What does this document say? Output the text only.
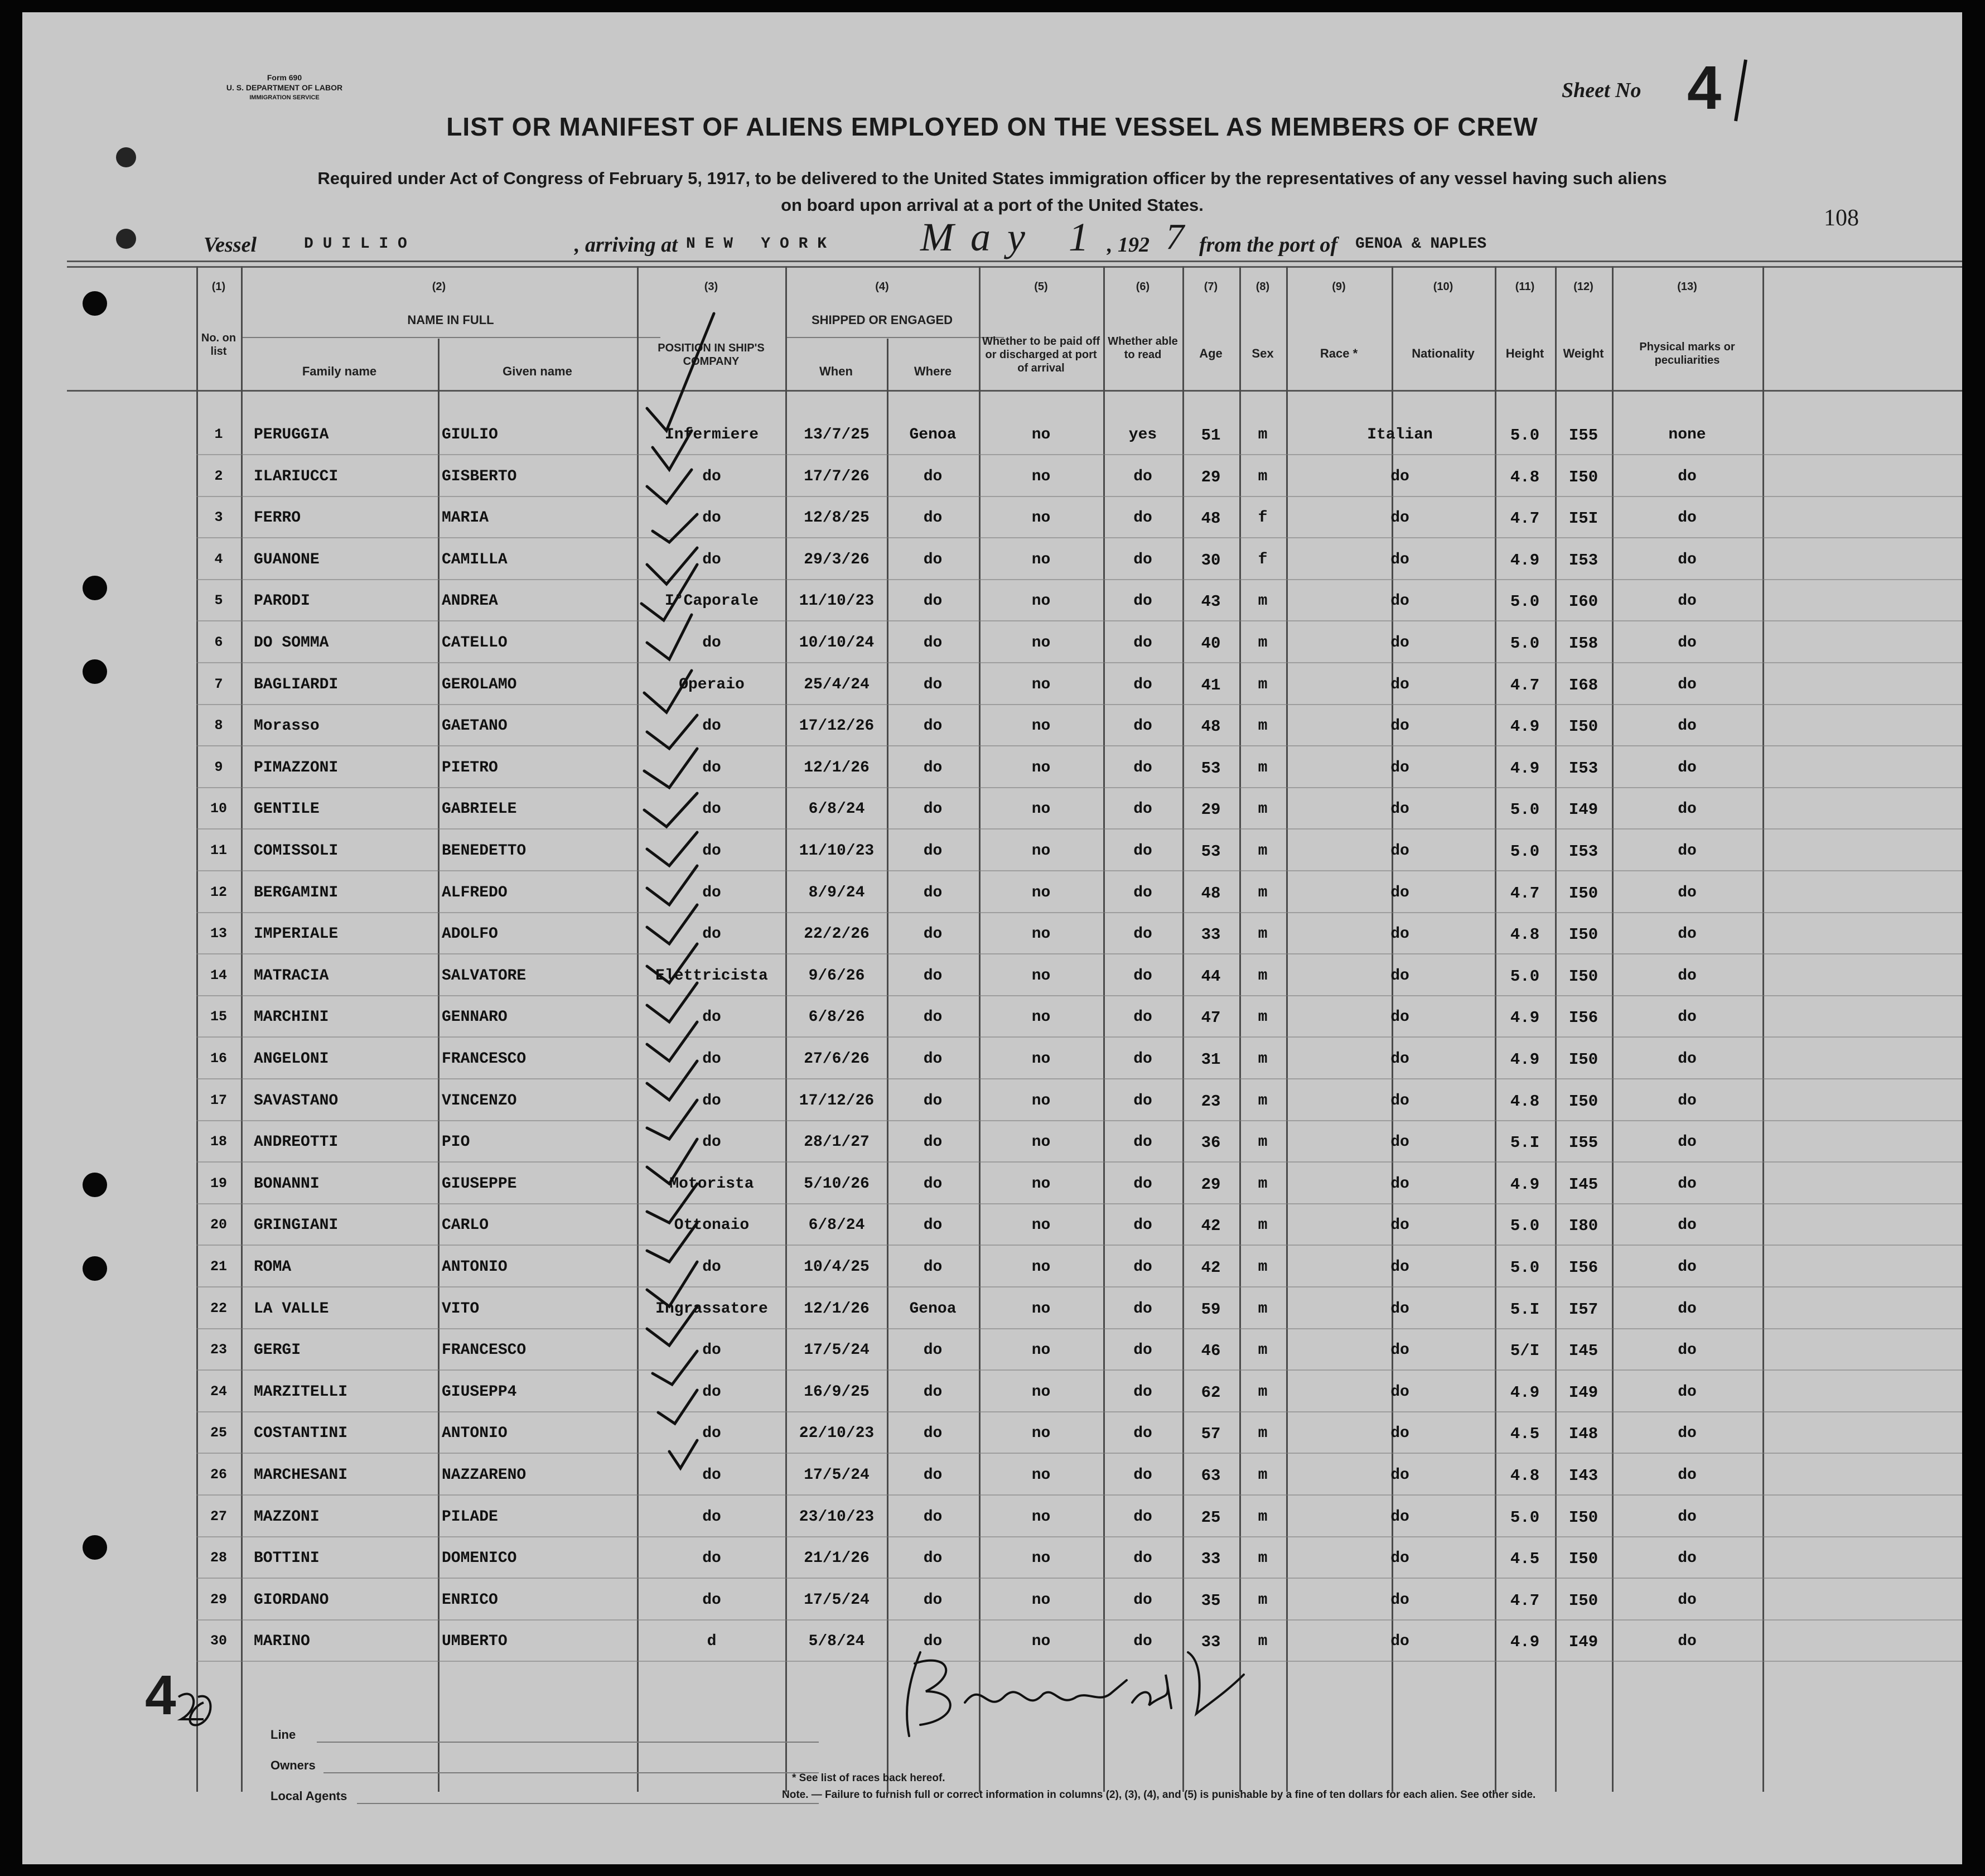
Form 690
U. S. DEPARTMENT OF LABOR
IMMIGRATION SERVICE	Sheet No 4
108
LIST OR MANIFEST OF ALIENS EMPLOYED ON THE VESSEL AS MEMBERS OF CREW
Required under Act of Congress of February 5, 1917, to be delivered to the United States immigration officer by the representatives of any vessel having such aliens
on board upon arrival at a port of the United States.
Vessel	D U I L I O	, arriving at N E W   Y O R K May 1 , 192 7 from the port of GENOA & NAPLES
(1)	(2)	(3)	(4)	(5)	(6)	(7)	(8)	(9)	(10)	(11)	(12)	(13)
No. on list
NAME IN FULL
Family name	Given name
POSITION IN SHIP'S COMPANY
SHIPPED OR ENGAGED
When	Where
Whether to be paid off or discharged at port of arrival
Whether able to read	Age	Sex	Race *	Nationality	Height	Weight	Physical marks or peculiarities
1	PERUGGIA	GIULIO	Infermiere	13/7/25	Genoa	no	yes	51	m	Italian	5.0	I55	none
2	ILARIUCCI	GISBERTO	do	17/7/26	do	no	do	29	m	do	4.8	I50	do
3	FERRO	MARIA	do	12/8/25	do	no	do	48	f	do	4.7	I5I	do
4	GUANONE	CAMILLA	do	29/3/26	do	no	do	30	f	do	4.9	I53	do
5	PARODI	ANDREA	I°Caporale	11/10/23	do	no	do	43	m	do	5.0	I60	do
6	DO SOMMA	CATELLO	do	10/10/24	do	no	do	40	m	do	5.0	I58	do
7	BAGLIARDI	GEROLAMO	Operaio	25/4/24	do	no	do	41	m	do	4.7	I68	do
8	Morasso	GAETANO	do	17/12/26	do	no	do	48	m	do	4.9	I50	do
9	PIMAZZONI	PIETRO	do	12/1/26	do	no	do	53	m	do	4.9	I53	do
10	GENTILE	GABRIELE	do	6/8/24	do	no	do	29	m	do	5.0	I49	do
11	COMISSOLI	BENEDETTO	do	11/10/23	do	no	do	53	m	do	5.0	I53	do
12	BERGAMINI	ALFREDO	do	8/9/24	do	no	do	48	m	do	4.7	I50	do
13	IMPERIALE	ADOLFO	do	22/2/26	do	no	do	33	m	do	4.8	I50	do
14	MATRACIA	SALVATORE	Elettricista	9/6/26	do	no	do	44	m	do	5.0	I50	do
15	MARCHINI	GENNARO	do	6/8/26	do	no	do	47	m	do	4.9	I56	do
16	ANGELONI	FRANCESCO	do	27/6/26	do	no	do	31	m	do	4.9	I50	do
17	SAVASTANO	VINCENZO	do	17/12/26	do	no	do	23	m	do	4.8	I50	do
18	ANDREOTTI	PIO	do	28/1/27	do	no	do	36	m	do	5.I	I55	do
19	BONANNI	GIUSEPPE	Motorista	5/10/26	do	no	do	29	m	do	4.9	I45	do
20	GRINGIANI	CARLO	Ottonaio	6/8/24	do	no	do	42	m	do	5.0	I80	do
21	ROMA	ANTONIO	do	10/4/25	do	no	do	42	m	do	5.0	I56	do
22	LA VALLE	VITO	Ingrassatore	12/1/26	Genoa	no	do	59	m	do	5.I	I57	do
23	GERGI	FRANCESCO	do	17/5/24	do	no	do	46	m	do	5/I	I45	do
24	MARZITELLI	GIUSEPP4	do	16/9/25	do	no	do	62	m	do	4.9	I49	do
25	COSTANTINI	ANTONIO	do	22/10/23	do	no	do	57	m	do	4.5	I48	do
26	MARCHESANI	NAZZARENO	do	17/5/24	do	no	do	63	m	do	4.8	I43	do
27	MAZZONI	PILADE	do	23/10/23	do	no	do	25	m	do	5.0	I50	do
28	BOTTINI	DOMENICO	do	21/1/26	do	no	do	33	m	do	4.5	I50	do
29	GIORDANO	ENRICO	do	17/5/24	do	no	do	35	m	do	4.7	I50	do
30	MARINO	UMBERTO	d	5/8/24	do	no	do	33	m	do	4.9	I49	do
4
Line
Owners
Local Agents
* See list of races back hereof.
Note. — Failure to furnish full or correct information in columns (2), (3), (4), and (5) is punishable by a fine of ten dollars for each alien. See other side.
